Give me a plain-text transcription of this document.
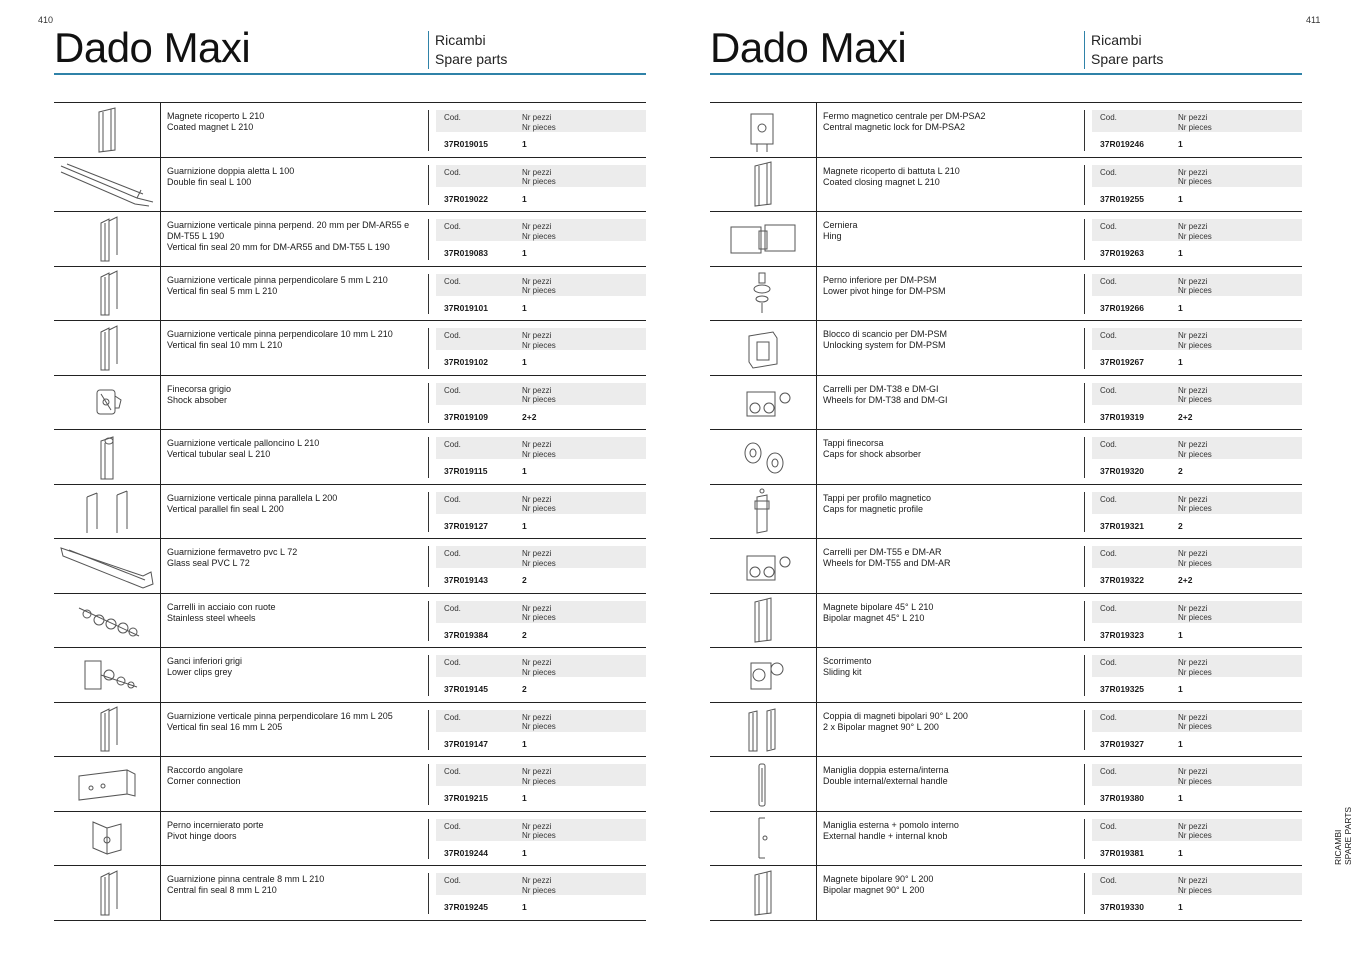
410	411
Dado Maxi	Ricambi
Spare parts
Magnete ricoperto L 210
Coated magnet L 210
Cod.	Nr pezzi
Nr pieces
37R019015	1
Guarnizione doppia aletta L 100
Double fin seal L 100
Cod.	Nr pezzi
Nr pieces
37R019022	1
Guarnizione verticale pinna perpend. 20 mm per DM-AR55 e DM-T55 L 190
Vertical fin seal 20 mm for DM-AR55 and DM-T55 L 190
Cod.	Nr pezzi
Nr pieces
37R019083	1
Guarnizione verticale pinna perpendicolare 5 mm L 210
Vertical fin seal 5 mm L 210
Cod.	Nr pezzi
Nr pieces
37R019101	1
Guarnizione verticale pinna perpendicolare 10 mm L 210
Vertical fin seal 10 mm L 210
Cod.	Nr pezzi
Nr pieces
37R019102	1
Finecorsa grigio
Shock absober
Cod.	Nr pezzi
Nr pieces
37R019109	2+2
Guarnizione verticale palloncino L 210
Vertical tubular seal L 210
Cod.	Nr pezzi
Nr pieces
37R019115	1
Guarnizione verticale pinna parallela L 200
Vertical parallel fin seal L 200
Cod.	Nr pezzi
Nr pieces
37R019127	1
Guarnizione fermavetro pvc L 72
Glass seal PVC L 72
Cod.	Nr pezzi
Nr pieces
37R019143	2
Carrelli in acciaio con ruote
Stainless steel wheels
Cod.	Nr pezzi
Nr pieces
37R019384	2
Ganci inferiori grigi
Lower clips grey
Cod.	Nr pezzi
Nr pieces
37R019145	2
Guarnizione verticale pinna perpendicolare 16 mm L 205
Vertical fin seal 16 mm L 205
Cod.	Nr pezzi
Nr pieces
37R019147	1
Raccordo angolare
Corner connection
Cod.	Nr pezzi
Nr pieces
37R019215	1
Perno incernierato porte
Pivot hinge doors
Cod.	Nr pezzi
Nr pieces
37R019244	1
Guarnizione pinna centrale 8 mm L 210
Central fin seal 8 mm L 210
Cod.	Nr pezzi
Nr pieces
37R019245	1
Dado Maxi	Ricambi
Spare parts
Fermo magnetico centrale per DM-PSA2
Central magnetic lock for DM-PSA2
Cod.	Nr pezzi
Nr pieces
37R019246	1
Magnete ricoperto di battuta L 210
Coated closing magnet L 210
Cod.	Nr pezzi
Nr pieces
37R019255	1
Cerniera
Hing
Cod.	Nr pezzi
Nr pieces
37R019263	1
Perno inferiore per DM-PSM
Lower pivot hinge for DM-PSM
Cod.	Nr pezzi
Nr pieces
37R019266	1
Blocco di scancio per DM-PSM
Unlocking system for DM-PSM
Cod.	Nr pezzi
Nr pieces
37R019267	1
Carrelli per DM-T38 e DM-GI
Wheels for DM-T38 and DM-GI
Cod.	Nr pezzi
Nr pieces
37R019319	2+2
Tappi finecorsa
Caps for shock absorber
Cod.	Nr pezzi
Nr pieces
37R019320	2
Tappi per profilo magnetico
Caps for magnetic profile
Cod.	Nr pezzi
Nr pieces
37R019321	2
Carrelli per DM-T55 e DM-AR
Wheels for DM-T55 and DM-AR
Cod.	Nr pezzi
Nr pieces
37R019322	2+2
Magnete bipolare 45° L 210
Bipolar magnet 45° L 210
Cod.	Nr pezzi
Nr pieces
37R019323	1
Scorrimento
Sliding kit
Cod.	Nr pezzi
Nr pieces
37R019325	1
Coppia di magneti bipolari 90° L 200
2 x Bipolar magnet 90° L 200
Cod.	Nr pezzi
Nr pieces
37R019327	1
Maniglia doppia esterna/interna
Double internal/external handle
Cod.	Nr pezzi
Nr pieces
37R019380	1
Maniglia esterna + pomolo interno
External handle + internal knob
Cod.	Nr pezzi
Nr pieces
37R019381	1
Magnete bipolare 90° L 200
Bipolar magnet 90° L 200
Cod.	Nr pezzi
Nr pieces
37R019330	1
RICAMBI SPARE PARTS
